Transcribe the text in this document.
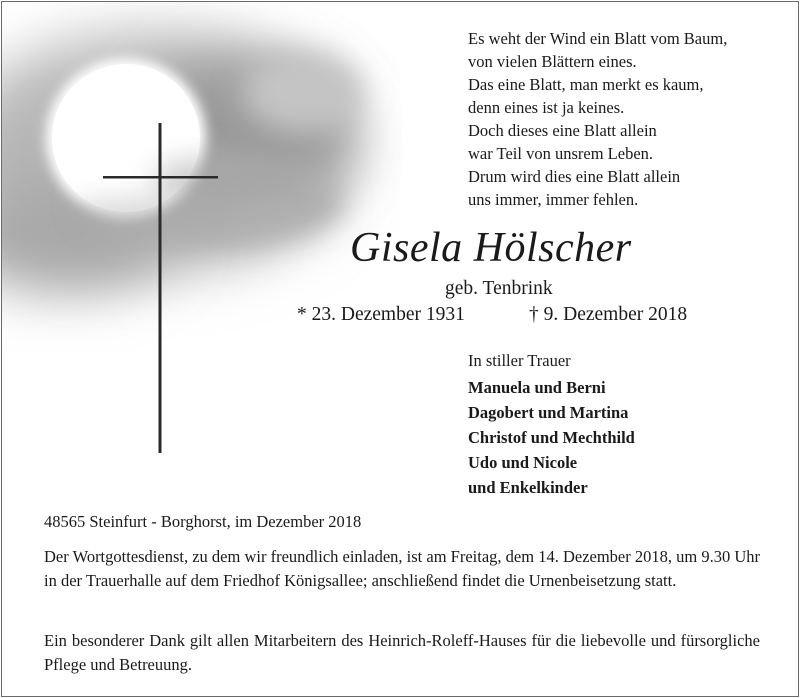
Es weht der Wind ein Blatt vom Baum,
von vielen Blättern eines.
Das eine Blatt, man merkt es kaum,
denn eines ist ja keines.
Doch dieses eine Blatt allein
war Teil von unsrem Leben.
Drum wird dies eine Blatt allein
uns immer, immer fehlen.
Gisela Hölscher
geb. Tenbrink
* 23. Dezember 1931	† 9. Dezember 2018
In stiller Trauer
Manuela und Berni
Dagobert und Martina
Christof und Mechthild
Udo und Nicole
und Enkelkinder
48565 Steinfurt - Borghorst, im Dezember 2018
Der Wortgottesdienst, zu dem wir freundlich einladen, ist am Freitag, dem 14. Dezember 2018, um 9.30 Uhr in der Trauerhalle auf dem Friedhof Königsallee; anschließend findet die Urnenbeisetzung statt.
Ein besonderer Dank gilt allen Mitarbeitern des Heinrich-Roleff-Hauses für die liebevolle und fürsorgliche Pflege und Betreuung.
